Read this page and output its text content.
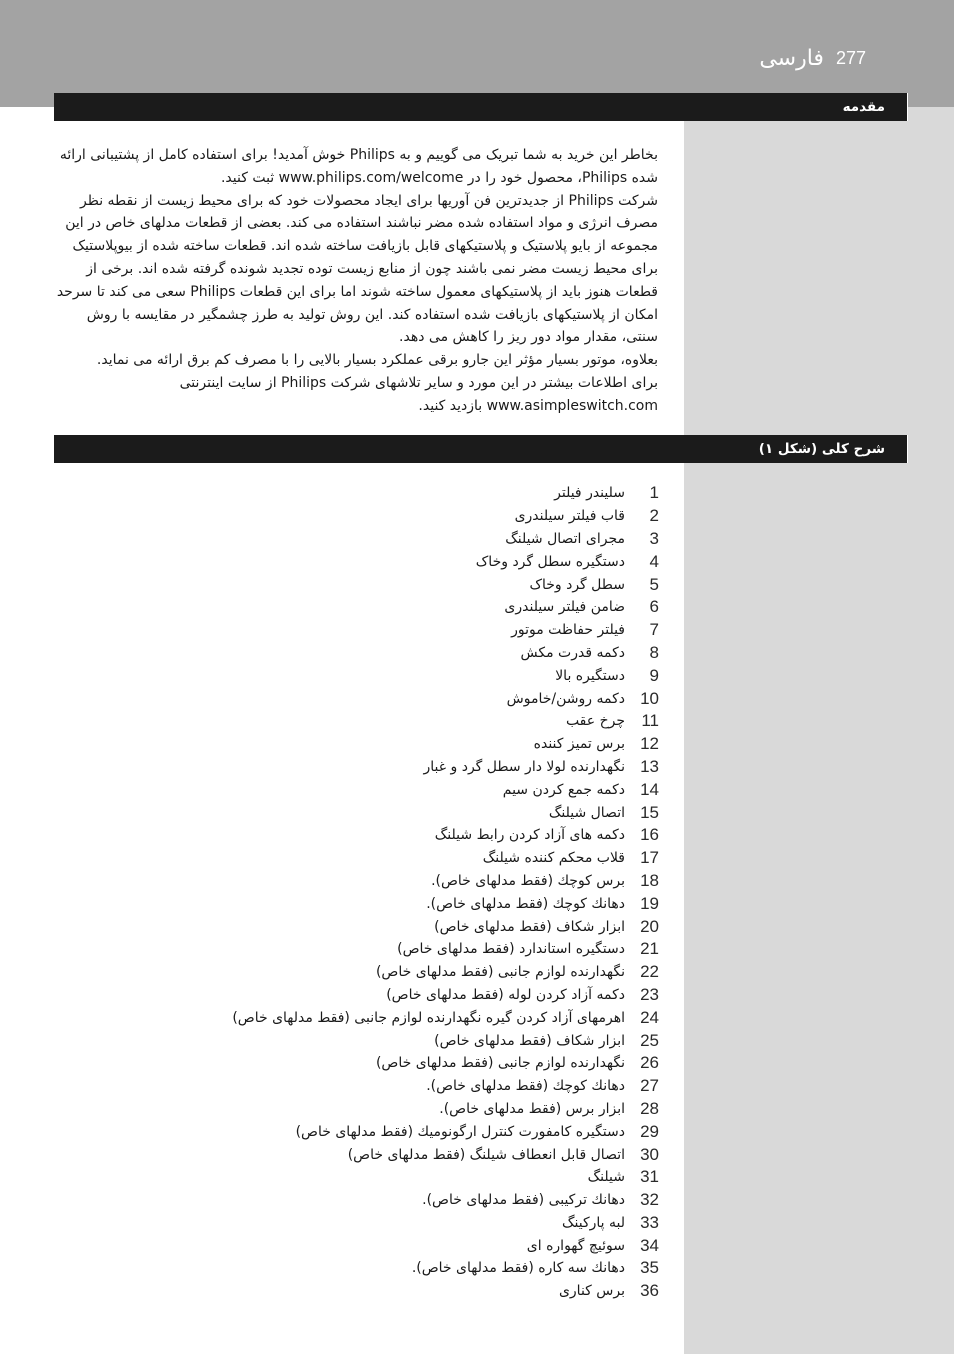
فارسی 277
مقدمه

بخاطر این خرید به شما تبریک می گوییم و به Philips خوش آمدید! برای استفاده کامل از پشتیبانی ارائه شده Philips، محصول خود را در www.philips.com/welcome ثبت کنید.

شرکت Philips از جدیدترین فن آوریها برای ایجاد محصولات خود که برای محیط زیست از نقطه نظر مصرف انرژی و مواد استفاده شده مضر نباشند استفاده می کند. بعضی از قطعات مدلهای خاص در این مجموعه از بایو پلاستیک و پلاستیکهای قابل بازیافت ساخته شده اند. قطعات ساخته شده از بیوپلاستیک برای محیط زیست مضر نمی باشند چون از منابع زیست توده تجدید شونده گرفته شده اند. برخی از قطعات هنوز باید از پلاستیکهای معمول ساخته شوند اما برای این قطعات Philips سعی می کند تا سرحد امکان از پلاستیکهای بازیافت شده استفاده کند. این روش تولید به طرز چشمگیر در مقایسه با روش سنتی، مقدار مواد دور ریز را کاهش می دهد.

بعلاوه، موتور بسیار مؤثر این جارو برقی عملکرد بسیار بالایی را با مصرف کم برق ارائه می نماید.

برای اطلاعات بیشتر در این مورد و سایر تلاشهای شرکت Philips از سایت اینترنتی www.asimpleswitch.com بازدید کنید.

شرح کلی (شکل ۱)
1
سلیندر فیلتر
2
قاب فیلتر سیلندری
3
مجرای اتصال شیلنگ
4
دستگیره سطل گرد وخاک
5
سطل گرد وخاک
6
ضامن فیلتر سیلندری
7
فیلتر حفاظت موتور
8
دکمه قدرت مکش
9
دستگیره بالا
10
دکمه روشن/خاموش
11
چرخ عقب
12
برس تمیز کننده
13
نگهدارنده لولا دار سطل گرد و غبار
14
دکمه جمع کردن سیم
15
اتصال شیلنگ
16
دکمه های آزاد کردن رابط شیلنگ
17
قلاب محکم کننده شیلنگ
18
برس کوچك (فقط مدلهای خاص).
19
دهانك کوچك (فقط مدلهای خاص).
20
ابزار شکاف (فقط مدلهای خاص)
21
دستگیره استاندارد (فقط مدلهای خاص)
22
نگهدارنده لوازم جانبی (فقط مدلهای خاص)
23
دکمه آزاد کردن لوله (فقط مدلهای خاص)
24
اهرمهای آزاد کردن گیره نگهدارنده لوازم جانبی (فقط مدلهای خاص)
25
ابزار شکاف (فقط مدلهای خاص)
26
نگهدارنده لوازم جانبی (فقط مدلهای خاص)
27
دهانك کوچك (فقط مدلهای خاص).
28
ابزار برس (فقط مدلهای خاص).
29
دستگیره کامفورت کنترل ارگونومیك (فقط مدلهای خاص)
30
اتصال قابل انعطاف شیلنگ (فقط مدلهای خاص)
31
شیلنگ
32
دهانك ترکیبی (فقط مدلهای خاص).
33
لبه پارکینگ
34
سوئیچ گهواره ای
35
دهانك سه کاره (فقط مدلهای خاص).
36
برس کناری
